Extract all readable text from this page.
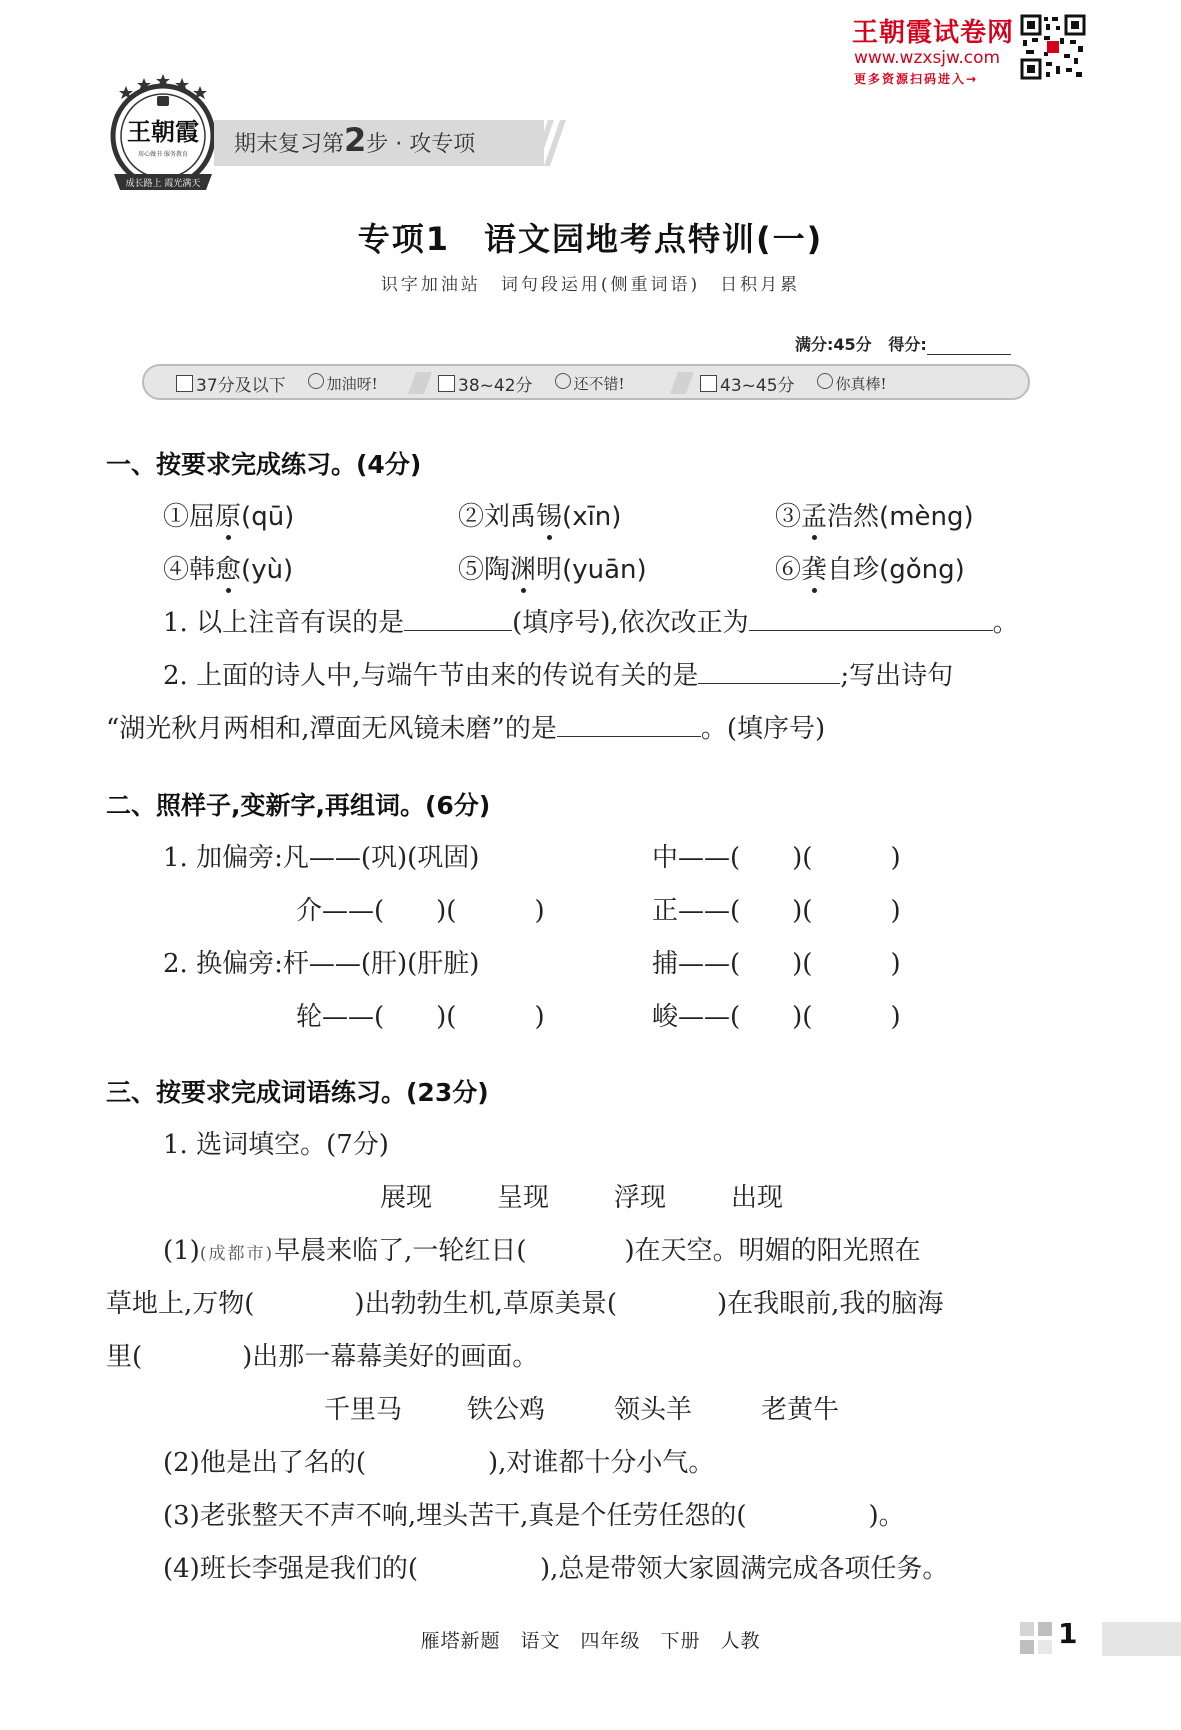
王朝霞试卷网
www.wzxsjw.com
更多资源扫码进入→
王朝霞
用心做书 服务教育
成长路上 霞光满天
期末复习第2步 · 攻专项
专项1　语文园地考点特训(一)
识字加油站　词句段运用(侧重词语)　日积月累
满分:45分 得分:
37分及以下	加油呀!	38~42分	还不错!	43~45分	你真棒!
一、按要求完成练习。(4分)
①屈原(qū)	②刘禹锡(xīn)	③孟浩然(mèng)
④韩愈(yù)	⑤陶渊明(yuān)	⑥龚自珍(gǒng)
1. 以上注音有误的是	(填序号),依次改正为	。
2. 上面的诗人中,与端午节由来的传说有关的是	;写出诗句
“湖光秋月两相和,潭面无风镜未磨”的是	。(填序号)
二、照样子,变新字,再组词。(6分)
1. 加偏旁:凡——(巩)(巩固)	中——(　　)(　　　)
介——(　　)(　　　)	正——(　　)(　　　)
2. 换偏旁:杆——(肝)(肝脏)	捕——(　　)(　　　)
轮——(　　)(　　　)	峻——(　　)(　　　)
三、按要求完成词语练习。(23分)
1. 选词填空。(7分)
展现 呈现 浮现 出现
(1)(成都市)早晨来临了,一轮红日(	)在天空。明媚的阳光照在
草地上,万物(	)出勃勃生机,草原美景(	)在我眼前,我的脑海
里(	)出那一幕幕美好的画面。
千里马 铁公鸡	领头羊	老黄牛
(2)他是出了名的(	),对谁都十分小气。
(3)老张整天不声不响,埋头苦干,真是个任劳任怨的(	)。
(4)班长李强是我们的(	),总是带领大家圆满完成各项任务。
雁塔新题　语文　四年级　下册　人教	1
